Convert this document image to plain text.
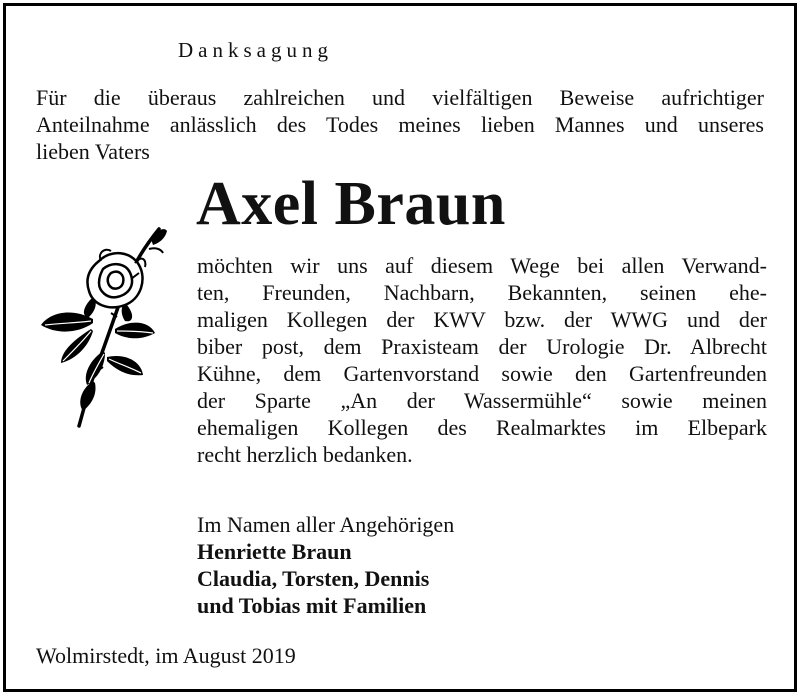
Danksagung
Für die überaus zahlreichen und vielfältigen Beweise aufrichtiger
Anteilnahme anlässlich des Todes meines lieben Mannes und unseres
lieben Vaters
Axel Braun
möchten wir uns auf diesem Wege bei allen Verwand-
ten, Freunden, Nachbarn, Bekannten, seinen ehe-
maligen Kollegen der KWV bzw. der WWG und der
biber post, dem Praxisteam der Urologie Dr. Albrecht
Kühne, dem Gartenvorstand sowie den Gartenfreunden
der Sparte „An der Wassermühle“ sowie meinen
ehemaligen Kollegen des Realmarktes im Elbepark
recht herzlich bedanken.
Im Namen aller Angehörigen
Henriette Braun
Claudia, Torsten, Dennis
und Tobias mit Familien
Wolmirstedt, im August 2019
